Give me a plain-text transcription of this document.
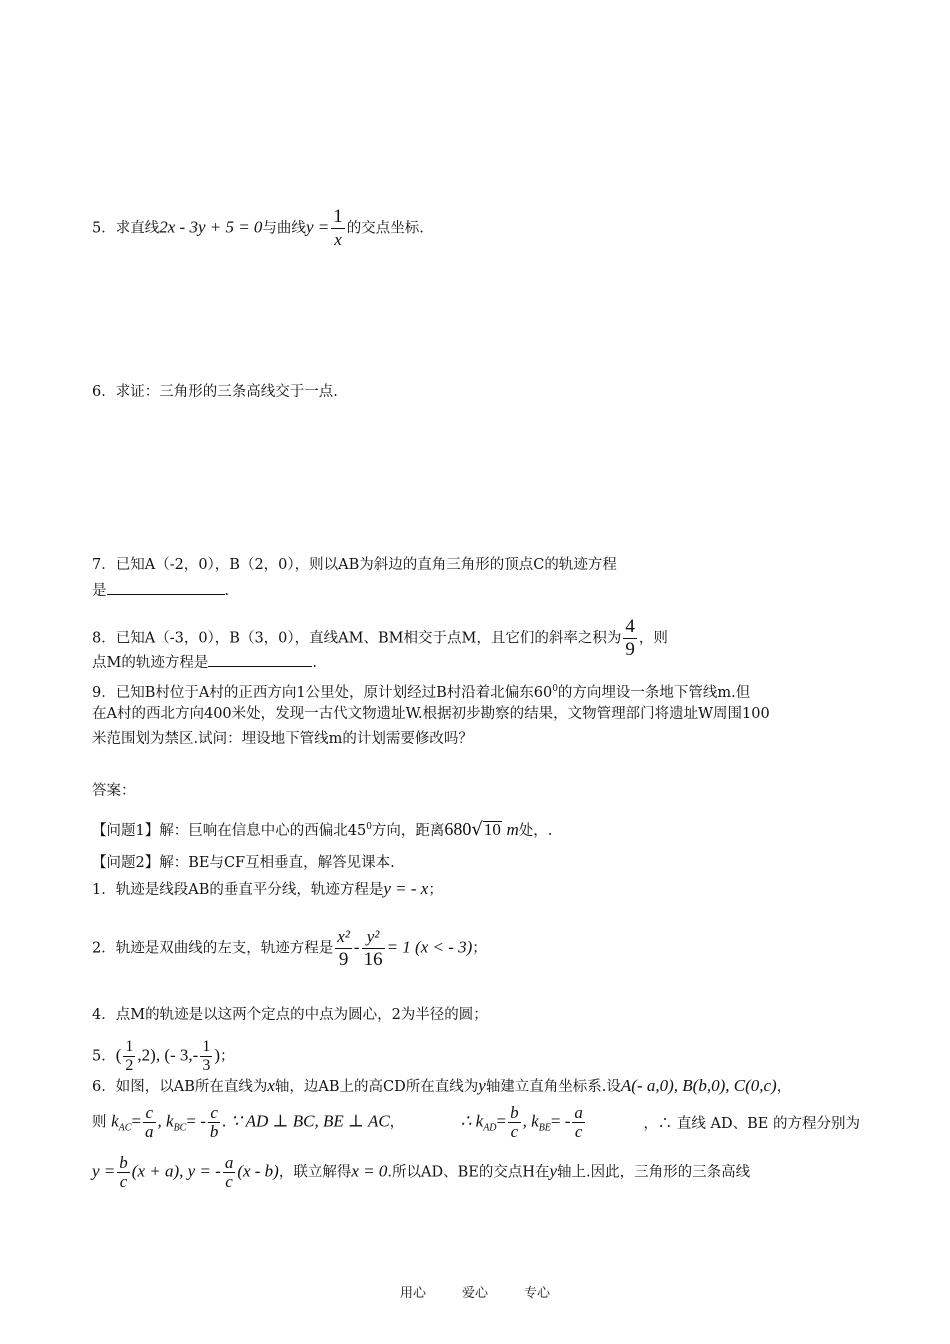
5．求直线2x - 3y + 5 = 0与曲线$y = \frac{1}{x}$ 的交点坐标.
6．求证：三角形的三条高线交于一点.
7．已知A（-2，0），B（2，0），则以AB为斜边的直角三角形的顶点C的轨迹方程
是	.
8．已知A（-3，0），B（3，0），直线AM、BM相交于点M，且它们的斜率之积为 $\frac{4}{9}$ ，则
点M的轨迹方程是	.
9．已知B村位于A村的正西方向1公里处，原计划经过B村沿着北偏东$60^0$的方向埋设一条地下管线m.但
在A村的西北方向400米处，发现一古代文物遗址W.根据初步勘察的结果，文物管理部门将遗址W周围100
米范围划为禁区.试问：埋设地下管线m的计划需要修改吗？
答案：
【问题1】解：巨响在信息中心的西偏北$45^0$方向，距离680√10 m处，.
【问题2】解：BE与CF互相垂直，解答见课本.
1．轨迹是线段AB的垂直平分线，轨迹方程是y = - x；
2．轨迹是双曲线的左支，轨迹方程是 $\frac{\text{x²}}{9} - \frac{\text{y²}}{16} = 1$ (x < - 3)；
4．点M的轨迹是以这两个定点的中点为圆心，2为半径的圆；
5．( $\frac{1}{2} ,2$), (- $3,- \frac{1}{3}$ )；
6．如图，以AB所在直线为x轴，边AB上的高CD所在直线为y轴建立直角坐标系.设A(- a,0), B(b,0), C(0,c)，
则 $k_{AC}= \frac{c}{a}$ , $k_{BC}= - \frac{c}{b}$ . ∵ AD ⊥ BC, BE ⊥ AC，	∴ $k_{AD}= \frac{b}{c}$ , $k_{BE}= - \frac{a}{c}$	，∴ 直线 AD、BE 的方程分别为
$y = \frac{b}{c} (x + a)$, y = - $\frac{a}{c} (x - b)$，联立解得x = 0.所以AD、BE的交点H在y轴上.因此，三角形的三条高线
用心	爱心	专心
